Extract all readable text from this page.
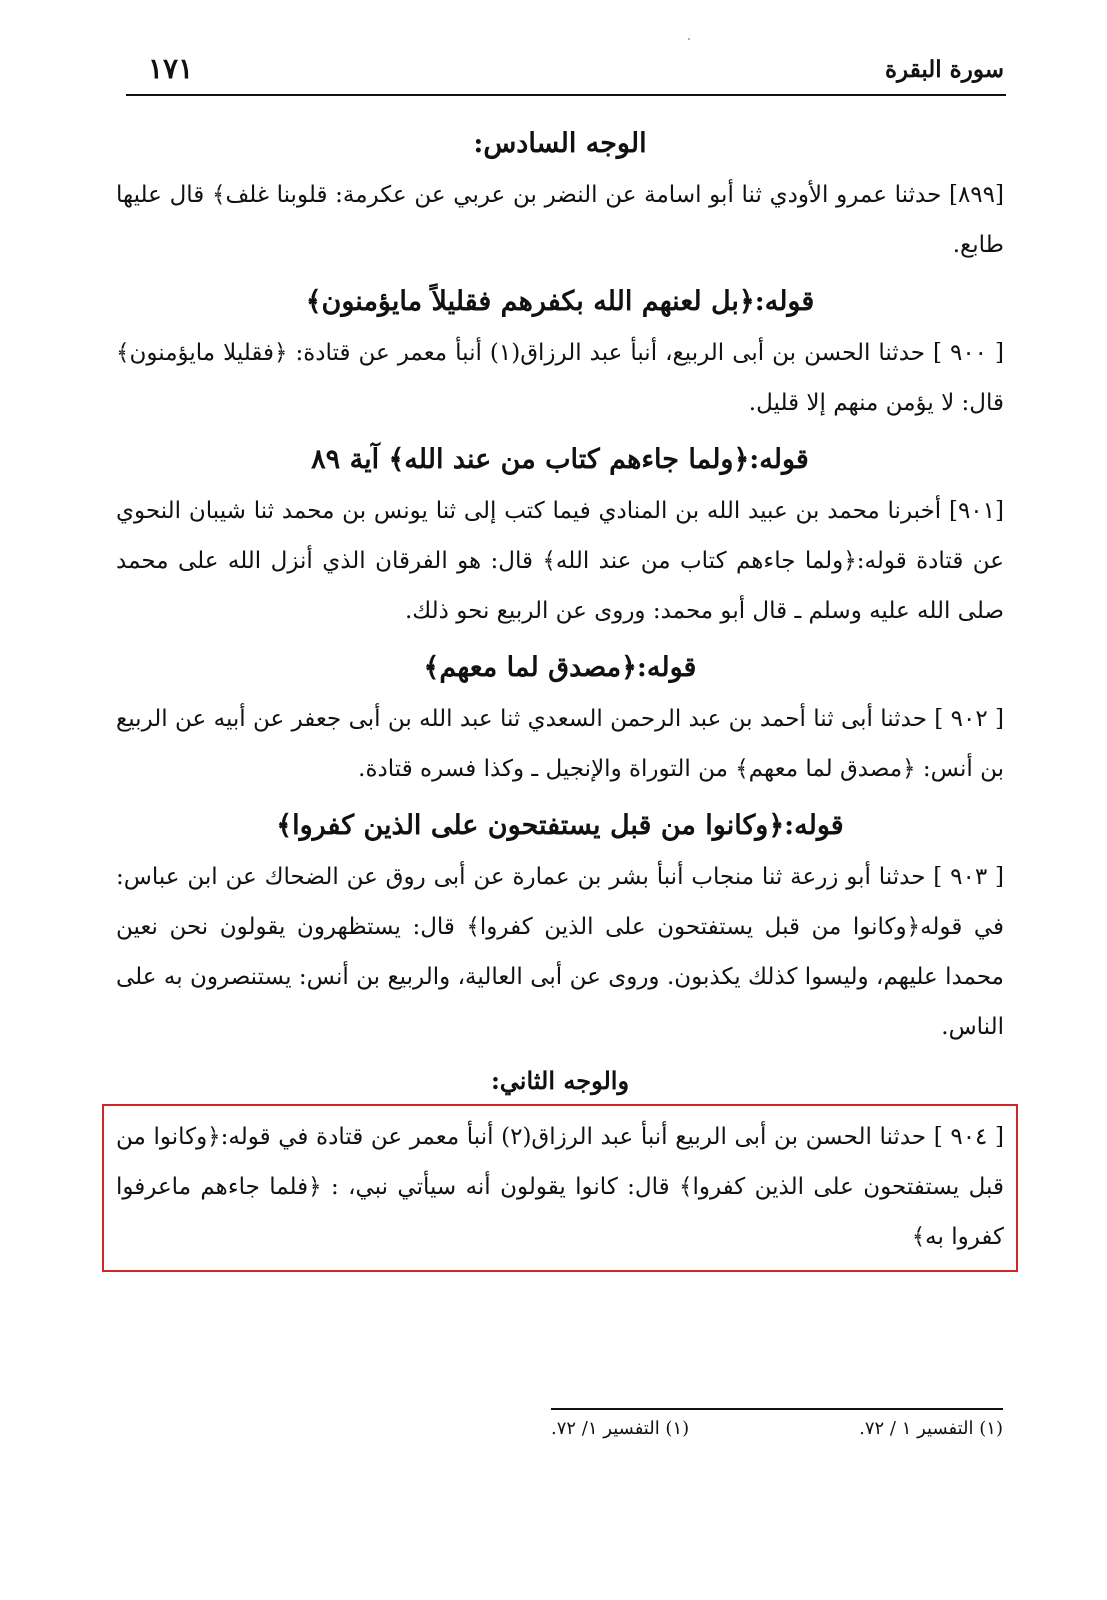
١٧١	سورة البقرة

الوجه السادس:

[٨٩٩] حدثنا عمرو الأودي ثنا أبو اسامة عن النضر بن عربي عن عكرمة: قلوبنا غلف﴾ قال عليها طابع.

قوله:﴿بل لعنهم الله بكفرهم فقليلاً مايؤمنون﴾

[ ٩٠٠ ] حدثنا الحسن بن أبى الربيع، أنبأ عبد الرزاق(١) أنبأ معمر عن قتادة: ﴿فقليلا مايؤمنون﴾ قال: لا يؤمن منهم إلا قليل.

قوله:﴿ولما جاءهم كتاب من عند الله﴾ آية ٨٩

[٩٠١] أخبرنا محمد بن عبيد الله بن المنادي فيما كتب إلى ثنا يونس بن محمد ثنا شيبان النحوي عن قتادة قوله:﴿ولما جاءهم كتاب من عند الله﴾ قال: هو الفرقان الذي أنزل الله على محمد صلى الله عليه وسلم ـ قال أبو محمد: وروى عن الربيع نحو ذلك.

قوله:﴿مصدق لما معهم﴾

[ ٩٠٢ ] حدثنا أبى ثنا أحمد بن عبد الرحمن السعدي ثنا عبد الله بن أبى جعفر عن أبيه عن الربيع بن أنس: ﴿مصدق لما معهم﴾ من التوراة والإنجيل ـ وكذا فسره قتادة.

قوله:﴿وكانوا من قبل يستفتحون على الذين كفروا﴾

[ ٩٠٣ ] حدثنا أبو زرعة ثنا منجاب أنبأ بشر بن عمارة عن أبى روق عن الضحاك عن ابن عباس: في قوله﴿وكانوا من قبل يستفتحون على الذين كفروا﴾ قال: يستظهرون يقولون نحن نعين محمدا عليهم، وليسوا كذلك يكذبون. وروى عن أبى العالية، والربيع بن أنس: يستنصرون به على الناس.

والوجه الثاني:

[ ٩٠٤ ] حدثنا الحسن بن أبى الربيع أنبأ عبد الرزاق(٢) أنبأ معمر عن قتادة في قوله:﴿وكانوا من قبل يستفتحون على الذين كفروا﴾ قال: كانوا يقولون أنه سيأتي نبي، : ﴿فلما جاءهم ماعرفوا كفروا به﴾

(١) التفسير ١ / ٧٢.
(١) التفسير ١/ ٧٢.
